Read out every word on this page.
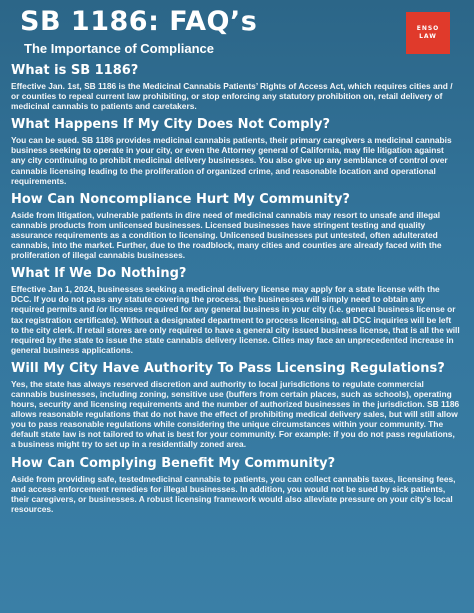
SB 1186: FAQ’s
The Importance of Compliance
ENSO
LAW
What is SB 1186?
Effective Jan. 1st, SB 1186 is the Medicinal Cannabis Patients’ Rights of Access Act, which requires cities and / or counties to repeal current law prohibiting, or stop enforcing any statutory prohibition on, retail delivery of medicinal cannabis to patients and caretakers.
What Happens If My City Does Not Comply?
You can be sued. SB 1186 provides medicinal cannabis patients, their primary caregivers a medicinal cannabis business seeking to operate in your city, or even the Attorney general of California, may file litigation against any city continuing to prohibit medicinal delivery businesses. You also give up any semblance of control over cannabis licensing leading to the proliferation of organized crime, and reasonable location and operational requirements.
How Can Noncompliance Hurt My Community?
Aside from litigation, vulnerable patients in dire need of medicinal cannabis may resort to unsafe and illegal cannabis products from unlicensed businesses. Licensed businesses have stringent testing and quality assurance requirements as a condition to licensing. Unlicensed businesses put untested, often adulterated cannabis, into the market. Further, due to the roadblock, many cities and counties are already faced with the proliferation of illegal cannabis businesses.
What If We Do Nothing?
Effective Jan 1, 2024, businesses seeking a medicinal delivery license may apply for a state license with the DCC. If you do not pass any statute covering the process, the businesses will simply need to obtain any required permits and /or licenses required for any general business in your city (i.e. general business license or tax registration certificate). Without a designated department to process licensing, all DCC inquiries will be left to the city clerk. If retail stores are only required to have a general city issued business license, that is all the will required by the state to issue the state cannabis delivery license. Cities may face an unprecedented increase in general business applications.
Will My City Have Authority To Pass Licensing Regulations?
Yes, the state has always reserved discretion and authority to local jurisdictions to regulate commercial cannabis businesses, including zoning, sensitive use (buffers from certain places, such as schools), operating hours, security and licensing requirements and the number of authorized businesses in the jurisdiction. SB 1186 allows reasonable regulations that do not have the effect of prohibiting medical delivery sales, but will still allow you to pass reasonable regulations while considering the unique circumstances within your community. The default state law is not tailored to what is best for your community. For example: if you do not pass regulations, a business might try to set up in a residentially zoned area.
How Can Complying Benefit My Community?
Aside from providing safe, testedmedicinal cannabis to patients, you can collect cannabis taxes, licensing fees, and access enforcement remedies for illegal businesses. In addition, you would not be sued by sick patients, their caregivers, or businesses. A robust licensing framework would also alleviate pressure on your city’s local resources.
